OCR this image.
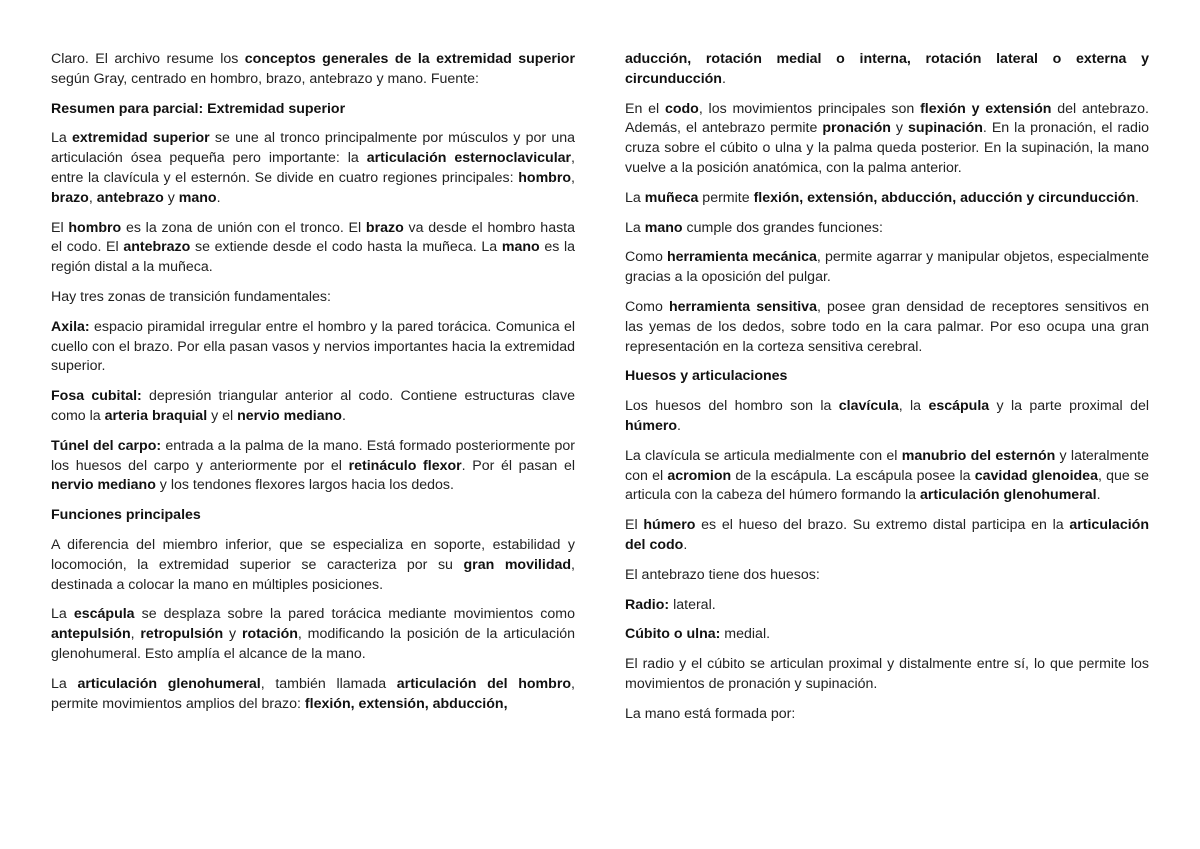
Claro. El archivo resume los conceptos generales de la extremidad superior según Gray, centrado en hombro, brazo, antebrazo y mano. Fuente:

Resumen para parcial: Extremidad superior

La extremidad superior se une al tronco principalmente por músculos y por una articulación ósea pequeña pero importante: la articulación esternoclavicular, entre la clavícula y el esternón. Se divide en cuatro regiones principales: hombro, brazo, antebrazo y mano.

El hombro es la zona de unión con el tronco. El brazo va desde el hombro hasta el codo. El antebrazo se extiende desde el codo hasta la muñeca. La mano es la región distal a la muñeca.

Hay tres zonas de transición fundamentales:

Axila: espacio piramidal irregular entre el hombro y la pared torácica. Comunica el cuello con el brazo. Por ella pasan vasos y nervios importantes hacia la extremidad superior.

Fosa cubital: depresión triangular anterior al codo. Contiene estructuras clave como la arteria braquial y el nervio mediano.

Túnel del carpo: entrada a la palma de la mano. Está formado posteriormente por los huesos del carpo y anteriormente por el retináculo flexor. Por él pasan el nervio mediano y los tendones flexores largos hacia los dedos.

Funciones principales

A diferencia del miembro inferior, que se especializa en soporte, estabilidad y locomoción, la extremidad superior se caracteriza por su gran movilidad, destinada a colocar la mano en múltiples posiciones.

La escápula se desplaza sobre la pared torácica mediante movimientos como antepulsión, retropulsión y rotación, modificando la posición de la articulación glenohumeral. Esto amplía el alcance de la mano.

La articulación glenohumeral, también llamada articulación del hombro, permite movimientos amplios del brazo: flexión, extensión, abducción,

aducción, rotación medial o interna, rotación lateral o externa y circunducción.

En el codo, los movimientos principales son flexión y extensión del antebrazo. Además, el antebrazo permite pronación y supinación. En la pronación, el radio cruza sobre el cúbito o ulna y la palma queda posterior. En la supinación, la mano vuelve a la posición anatómica, con la palma anterior.

La muñeca permite flexión, extensión, abducción, aducción y circunducción.

La mano cumple dos grandes funciones:

Como herramienta mecánica, permite agarrar y manipular objetos, especialmente gracias a la oposición del pulgar.

Como herramienta sensitiva, posee gran densidad de receptores sensitivos en las yemas de los dedos, sobre todo en la cara palmar. Por eso ocupa una gran representación en la corteza sensitiva cerebral.

Huesos y articulaciones

Los huesos del hombro son la clavícula, la escápula y la parte proximal del húmero.

La clavícula se articula medialmente con el manubrio del esternón y lateralmente con el acromion de la escápula. La escápula posee la cavidad glenoidea, que se articula con la cabeza del húmero formando la articulación glenohumeral.

El húmero es el hueso del brazo. Su extremo distal participa en la articulación del codo.

El antebrazo tiene dos huesos:

Radio: lateral.

Cúbito o ulna: medial.

El radio y el cúbito se articulan proximal y distalmente entre sí, lo que permite los movimientos de pronación y supinación.

La mano está formada por:
